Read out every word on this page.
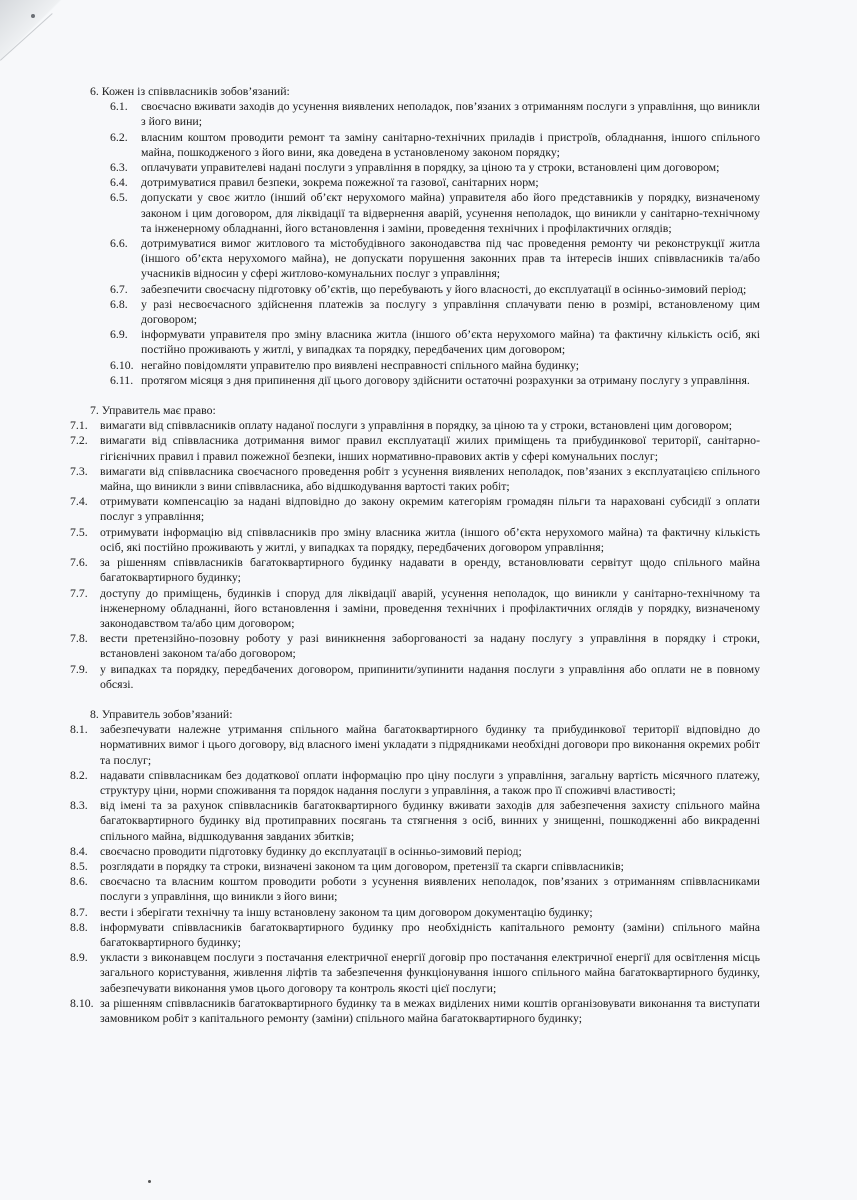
6. Кожен із співвласників зобов’язаний:
6.1.	своєчасно вживати заходів до усунення виявлених неполадок, пов’язаних з отриманням послуги з управління, що виникли з його вини;
6.2.	власним коштом проводити ремонт та заміну санітарно-технічних приладів і пристроїв, обладнання, іншого спільного майна, пошкодженого з його вини, яка доведена в установленому законом порядку;
6.3.	оплачувати управителеві надані послуги з управління в порядку, за ціною та у строки, встановлені цим договором;
6.4.	дотримуватися правил безпеки, зокрема пожежної та газової, санітарних норм;
6.5.	допускати у своє житло (інший об’єкт нерухомого майна) управителя або його представників у порядку, визначеному законом і цим договором, для ліквідації та відвернення аварій, усунення неполадок, що виникли у санітарно-технічному та інженерному обладнанні, його встановлення і заміни, проведення технічних і профілактичних оглядів;
6.6.	дотримуватися вимог житлового та містобудівного законодавства під час проведення ремонту чи реконструкції житла (іншого об’єкта нерухомого майна), не допускати порушення законних прав та інтересів інших співвласників та/або учасників відносин у сфері житлово-комунальних послуг з управління;
6.7.	забезпечити своєчасну підготовку об’єктів, що перебувають у його власності, до експлуатації в осінньо-зимовий період;
6.8.	у разі несвоєчасного здійснення платежів за послугу з управління сплачувати пеню в розмірі, встановленому цим договором;
6.9.	інформувати управителя про зміну власника житла (іншого об’єкта нерухомого майна) та фактичну кількість осіб, які постійно проживають у житлі, у випадках та порядку, передбачених цим договором;
6.10. негайно повідомляти управителю про виявлені несправності спільного майна будинку;
6.11. протягом місяця з дня припинення дії цього договору здійснити остаточні розрахунки за отриману послугу з управління.
7. Управитель має право:
7.1.	вимагати від співвласників оплату наданої послуги з управління в порядку, за ціною та у строки, встановлені цим договором;
7.2.	вимагати від співвласника дотримання вимог правил експлуатації жилих приміщень та прибудинкової території, санітарно-гігієнічних правил і правил пожежної безпеки, інших нормативно-правових актів у сфері комунальних послуг;
7.3.	вимагати від співвласника своєчасного проведення робіт з усунення виявлених неполадок, пов’язаних з експлуатацією спільного майна, що виникли з вини співвласника, або відшкодування вартості таких робіт;
7.4.	отримувати компенсацію за надані відповідно до закону окремим категоріям громадян пільги та нараховані субсидії з оплати послуг з управління;
7.5.	отримувати інформацію від співвласників про зміну власника житла (іншого об’єкта нерухомого майна) та фактичну кількість осіб, які постійно проживають у житлі, у випадках та порядку, передбачених договором управління;
7.6.	за рішенням співвласників багатоквартирного будинку надавати в оренду, встановлювати сервітут щодо спільного майна багатоквартирного будинку;
7.7.	доступу до приміщень, будинків і споруд для ліквідації аварій, усунення неполадок, що виникли у санітарно-технічному та інженерному обладнанні, його встановлення і заміни, проведення технічних і профілактичних оглядів у порядку, визначеному законодавством та/або цим договором;
7.8.	вести претензійно-позовну роботу у разі виникнення заборгованості за надану послугу з управління в порядку і строки, встановлені законом та/або договором;
7.9.	у випадках та порядку, передбачених договором, припинити/зупинити надання послуги з управління або оплати не в повному обсязі.
8. Управитель зобов’язаний:
8.1.	забезпечувати належне утримання спільного майна багатоквартирного будинку та прибудинкової території відповідно до нормативних вимог і цього договору, від власного імені укладати з підрядниками необхідні договори про виконання окремих робіт та послуг;
8.2.	надавати співвласникам без додаткової оплати інформацію про ціну послуги з управління, загальну вартість місячного платежу, структуру ціни, норми споживання та порядок надання послуги з управління, а також про її споживчі властивості;
8.3.	від імені та за рахунок співвласників багатоквартирного будинку вживати заходів для забезпечення захисту спільного майна багатоквартирного будинку від протиправних посягань та стягнення з осіб, винних у знищенні, пошкодженні або викраденні спільного майна, відшкодування завданих збитків;
8.4.	своєчасно проводити підготовку будинку до експлуатації в осінньо-зимовий період;
8.5.	розглядати в порядку та строки, визначені законом та цим договором, претензії та скарги співвласників;
8.6.	своєчасно та власним коштом проводити роботи з усунення виявлених неполадок, пов’язаних з отриманням співвласниками послуги з управління, що виникли з його вини;
8.7.	вести і зберігати технічну та іншу встановлену законом та цим договором документацію будинку;
8.8.	інформувати співвласників багатоквартирного будинку про необхідність капітального ремонту (заміни) спільного майна багатоквартирного будинку;
8.9.	укласти з виконавцем послуги з постачання електричної енергії договір про постачання електричної енергії для освітлення місць загального користування, живлення ліфтів та забезпечення функціонування іншого спільного майна багатоквартирного будинку, забезпечувати виконання умов цього договору та контроль якості цієї послуги;
8.10. за рішенням співвласників багатоквартирного будинку та в межах виділених ними коштів організовувати виконання та виступати замовником робіт з капітального ремонту (заміни) спільного майна багатоквартирного будинку;
